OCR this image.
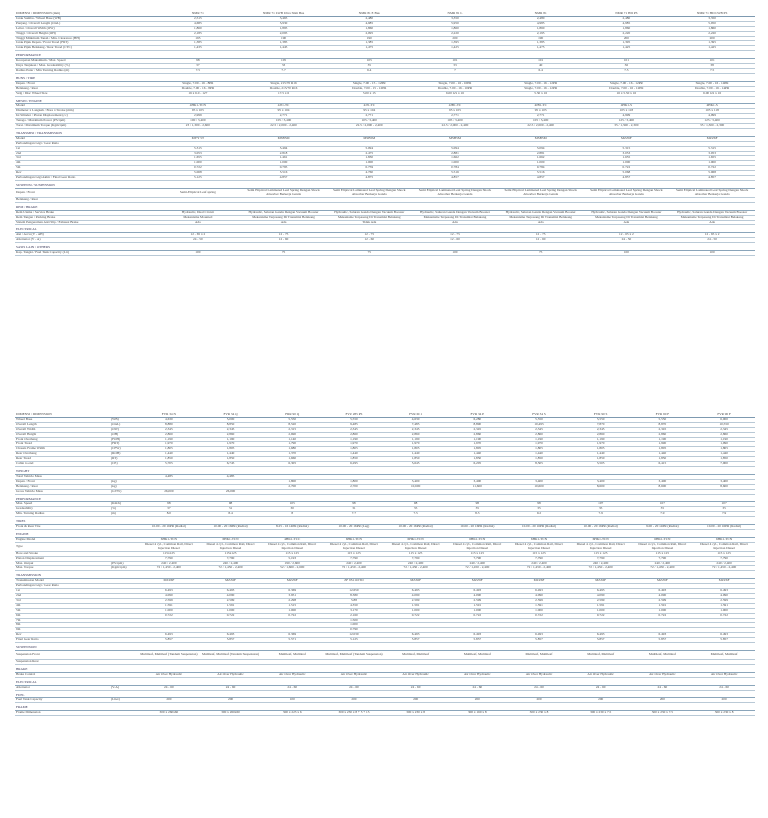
DIMENSI / DIMENSION (mm)	NMR 71	NMR 71 LWB Ultra Slim Bus	NMR 81 E Bus	NMR 81 L	NMR 81	NMR 71 HD PS	NMR 71 HD LWB PS
Jarak Sumbu / Wheel Base (WB)	2,515	3,465	2,480	3,350	2,480	2,480	3,350
Panjang / Overall Length (OAL)	4,685	5,930	4,985	5,950	4,985	4,985	5,950
Lebar / Overall Width (OW)	1,860	1,895	1,860	1,860	1,860	1,860	1,860
Tinggi / Overall Height (OH)	2,185	2,095	2,095	2,220	2,195	2,220	2,220
Tinggi Minimum Tanah / Min. Clearance (HH)	195	190	190	200	190	200	200
Jarak Pijak Depan / Front Tread (FRT)	1,385	1,385	1,385	1,395	1,385	1,395	1,395
Jarak Pijak Belakang / Rear Tread (CTC)	1,435	1,445	1,475	1,425	1,475	1,425	1,425

PERFORMANCE							
Kecepatan Maksimum / Max. Speed	98	105	105	101	101	101	101
Daya Tanjakan / Max. Gradeability (%)	37	33	35	33	40	36	38
Radius Putar / Min Turning Radius (m)	7.5	7.7	6.4	7	6.4	7.5	7.5

BUNS / TIRE							
Depan / Front	Single, 7.00 - 16 - 8PR	Single, 215/70 R16	Single, 7.00 - 15 - 12PR	Single, 7.00 - 16 - 10PR	Single, 7.00 - 16 - 12PR	Single, 7.00 - 16 - 12PR	Single, 7.00 - 16 - 14PR
Belakang / Rear	Double, 7.00 - 16 - 8PR	Double, 215/70 R16	Double, 7.00 - 15 - 12PR	Double, 7.00 - 16 - 10PR	Single, 7.00 - 16 - 12PR	Double, 7.00 - 16 - 12PR	Double, 7.00 - 16 - 14PR
Velg / Disc Wheel Size	16 x 6.0 - 127	17.5 x 6	5.00 x 15	6.00 GS x 16	5.50 x 16	16 x 5.50 x 16	6.00 GS x 16

MESIN / ENGINE							
Model	4HK1-TCN	4JJ1-TC	4JJ1-TC	4JB1-TC	4JB1-TC	4HK1-S	4HK1-S
Diameter x Langkah / Bore x Stroke (mm)	95 x 105	95 x 104	95 x 104	95 x 105	95 x 105	105 x 118	105 x 118
Isi Silinder / Piston Displacement (cc)	2,999	2,771	2,771	2,771	2,771	4,999	4,999
Tenaga / Maximum Power (PS/rpm)	100 / 3,400	105 / 3,400	105 / 3,400	105 / 3,400	105 / 3,400	125 / 3,400	125 / 3,400
Torsi / Maximum Torque (Kgm/rpm)	23 / 1,300 - 2,600	22.5 / 2,000 - 2,400	22.5 / 2,000 - 2,400	22.5 / 2,000 - 2,400	22.5 / 2,000 - 2,400	35 / 1,300 - 2,300	35 / 1,300 - 2,300

TRANSMISI / TRANSMISSION							
Model	MYY 5T	MSB5M	MSB5M	MSB5M	MSB5M	MZZ6F	MZZ6F
Perbandingan Gigi / Gear Ratio							
1st	5.315	5.494	5.094	5.094	5.094	5.315	5.315
2nd	3.053	2.818	2.475	2.881	2.881	3.053	3.053
3rd	1.655	1.461	1.830	1.662	1.662	1.655	1.655
4th	1.000	1.000	1.000	1.000	1.000	1.000	1.000
5th	0.722	0.795	0.759	0.784	0.784	0.722	0.722
Rev	5.068	5.516	4.760	5.516	5.516	5.068	5.068
Perbandingan Gigi Akhir / Final Gear Ratio	5.125	4.857	4.875	4.857	4.857	4.857	4.857

SUSPENSI / SUSPENSION							
Depan / Front	Semi-Eliptical Leaf spring	Semi Eliptical Laminated Leaf Spring Dengan Shock Absorber Berkerja Ganda	Semi Eliptical Laminated Leaf Spring Dengan Shock Absorber Berkerja Ganda	Semi Eliptical Laminated Leaf Spring Dengan Shock Absorber Berkerja Ganda	Semi Eliptical Laminated Leaf Spring Dengan Shock Absorber Berkerja Ganda	Semi Eliptical Laminated Leaf Spring Dengan Shock Absorber Berkerja Ganda	Semi Eliptical Laminated Leaf Spring Dengan Shock Absorber Berkerja Ganda
Belakang / Rear							

REM / BRAKE							
Rem Utama / Service Brake	Hydraulic, Dual Circuit	Hydraulic, Saluran Ganda Dengan Vacuum Booster	Hydraulic, Saluran Ganda Dengan Vacuum Booster	Hydraulic, Saluran Ganda Dengan Vacuum Booster	Hydraulic, Saluran Ganda Dengan Vacuum Booster	Hydraulic, Saluran Ganda Dengan Vacuum Booster	Hydraulic, Saluran Ganda Dengan Vacuum Booster
Rem Tangan / Parking Brake	Mekanisme Mounted	Mekanisme Terpasang Di Transmisi Belakang	Mekanisme Terpasang Di Transmisi Belakang	Mekanisme Terpasang Di Transmisi Belakang	Mekanisme Terpasang Di Transmisi Belakang	Mekanisme Terpasang Di Transmisi Belakang	Mekanisme Terpasang Di Transmisi Belakang
Sistem Pengereman Anti Slip / Exhaust Brake	Ada	Ada	Tidak Ada	Ada	Ada	Ada	Ada

ELECTRICAL							
Aki / Accu (V - AH)	12 - 65 x 2	12 - 75	12 - 75	12 - 75	12 - 75	12 - 65 x 2	12 - 65 x 2
Alternator (V - A)	24 - 50	12 - 60	12 - 60	12 - 60	12 - 60	24 - 50	24 - 50

SASIS LAIN / OTHERS							
Kap. Tangki / Fuel Tank Capacity (Ltr)	100	75	75	100	75	100	100
DIMENSI / DIMENSION		FVR 34 N	FVR 34 Q	FRR 90 Q	FVZ 285 PS	FVR M 1	FVR 34 P	FVR 34 S	FVR 90 S	FVR 90 F	FVR 90 F
Wheel Base	(WB)	4,630	5,000	5,550	5,550	4,630	6,280	5,550	5,550	5,550	6,000
Overall Length	(OAL)	8,880	8,850	8,520	9,485	7,485	8,890	10,495	7,870	8,870	10,550
Overall Width	(OW)	2,345	2,345	2,315	2,345	2,345	2,345	2,345	2,345	2,345	2,345
Overall Height	(OH)	2,860	2,860	2,690	2,860	2,860	2,860	2,860	2,860	2,860	2,860
Front Overhang	(FOH)	1,190	1,190	1,140	1,190	1,190	1,190	1,190	1,190	1,190	1,190
Front Tread	(FRT)	1,970	1,970	1,790	1,970	1,970	1,970	1,970	1,970	1,990	1,990
Chassis Frame Width	(CFW)	1,805	1,805	1,680	1,805	1,805	1,805	1,805	1,805	1,805	1,805
Rear Overhang	(ROH)	1,440	1,440	1,370	1,440	1,440	1,440	1,440	1,440	1,440	1,440
Rear Tread	(RT)	1,850	1,850	1,660	1,850	1,850	1,850	1,850	1,850	1,850	1,850
Cabin to end	(CE)	5,705	6,745	6,305	6,295	5,645	6,205	8,505	5,505	6,415	7,900

WEIGHT											
Total Vehicle Mass		4,485	4,485								
Depan / Front	(kg)			1,800	1,800	3,400	3,400	3,400	3,400	3,400	3,400
Belakang / Rear	(kg)			2,700	2,700	10,600	11,600	10,600	8,600	8,600	8,600
Gross Vehicle Mass	(GVW)	26,000	26,000								

PERFORMANCE											
Max. Speed	(Km/h)	98	98	105	98	98	98	98	107	107	107
Gradeability	(%)	37	31	30	31	35	35	35	35	35	35
Min. Turning Radius	(m)	8.0	8.4	8	7.7	7.5	8.3	9.2	7.9	7.9	7.9

TIRES											
Front & Rear Tire		10.00 - 20 16PR (Radial)	10.00 - 20 16PR (Radial)	8.25 - 16 14PR (Radial)	10.00 - 20 16PR (Lug)	10.00 - 20 16PR (Radial)	10.00 - 20 16PR (Radial)	10.00 - 20 16PR (Radial)	10.00 - 20 16PR (Radial)	9.00 - 20 14PR (Radial)	10.00 - 20 16PR (Radial)

ENGINE											
Engine Model		6HK1-TCN	6HK1-TCN	4HK1-TCC	6HK1-TCN	6HK1-TCN	6HK1-TCN	6HK1-TCN	6HK1-TCN	6HK1-TCN	6HK1-TCN
Type		Diesel 4 cyl., Common Rail, Direct Injection Diesel	Diesel 4 cyl., Common Rail, Direct Injection Diesel	Diesel 4 cyl., Common Rail, Direct Injection Diesel	Diesel 4 cyl., Common Rail, Direct Injection Diesel	Diesel 4 cyl., Common Rail, Direct Injection Diesel	Diesel 4 cyl., Common Rail, Direct Injection Diesel	Diesel 4 cyl., Common Rail, Direct Injection Diesel	Diesel 4 cyl., Common Rail, Direct Injection Diesel	Diesel 4 cyl., Common Rail, Direct Injection Diesel	Diesel 4 cyl., Common Rail, Direct Injection Diesel
Bore and Stroke		115x125	115x125	115 x 125	115 x 125	115 x 125	115 x 125	115 x 125	115 x 125	115 x 125	115 x 125
Piston Displacement		7,790	7,790	5,193	7,790	7,790	7,790	7,790	7,790	7,790	7,790
Max. Output	(PS/rpm)	240 / 2,400	240 / 2,400	190 / 2,600	240 / 2,400	240 / 2,400	240 / 2,400	240 / 2,400	240 / 2,400	240 / 2,400	240 / 2,400
Max. Torque	(Kgm/rpm)	72 / 1,450 - 2,400	72 / 1,450 - 2,400	52 / 1,600 - 2,600	72 / 1,450 - 2,400	72 / 1,450 - 2,400	72 / 1,450 - 2,400	72 / 1,450 - 2,400	72 / 1,450 - 2,400	72 / 1,450 - 2,400	72 / 1,450 - 2,400

TRANSMISSION											
Transmission Model		MZZ6F	MZZ6F	MZZ6F	ZF 9S1110TO	MZZ6F	MZZ6F	MZZ6F	MZZ6F	MZZ6F	MZZ6F
Perbandingan Gigi / Gear Ratio											
1st		6.493	6.493	6.369	12.650	6.493	6.493	6.493	6.493	6.493	6.493
2nd		4.090	4.090	3.951	8.380	4.090	4.090	4.090	4.090	4.090	4.090
3rd		2.599	2.599	2.298	5.88	2.599	2.599	2.599	2.599	2.599	2.599
4th		1.591	1.591	1.515	4.350	1.591	1.591	1.591	1.591	1.591	1.591
5th		1.000	1.000	1.000	3.170	1.000	1.000	1.000	1.000	1.000	1.000
6th		0.722	0.722	0.722	2.160	0.722	0.722	0.722	0.722	0.722	0.722
7th					1.500						
8th					1.000						
9th					0.790						
Rev		6.493	6.493	6.369	12.030	6.493	6.493	6.493	6.493	6.493	6.493
Final Gear Ratio		5.857	5.857	5.571	5.125	5.857	5.857	5.857	5.857	5.857	5.857

SUSPENSION											
Suspension Front		Multileaf, Multileaf (Tandem Suspension)	Multileaf, Multileaf (Tandem Suspension)	Multileaf, Multileaf	Multileaf, Multileaf (Tandem Suspension)	Multileaf, Multileaf	Multileaf, Multileaf	Multileaf, Multileaf	Multileaf, Multileaf	Multileaf, Multileaf	Multileaf, Multileaf
Suspension Rear											

BRAKE											
Brake Control		Air Over Hydraulic	Air Over Hydraulic	Air Over Hydraulic	Air Over Hydraulic	Air Over Hydraulic	Air Over Hydraulic	Air Over Hydraulic	Air Over Hydraulic	Air Over Hydraulic	Air Over Hydraulic

ELECTRICAL											
Alternator	(V-A)	24 - 60	24 - 60	24 - 60	24 - 60	24 - 60	24 - 60	24 - 60	24 - 60	24 - 60	24 - 60

FUEL											
Fuel Tank Capacity	(Liter)	200	200	100	200	200	200	200	200	200	200

FRAME											
Frame Dimension		300 x 260x60	300 x 260x60	300 x 223 x 6	300 x 230 x 8 + 5 + 15	300 x 230 x 8	300 x 160 x 8	300 x 230 x 8	300 x 230 x 7.5	300 x 230 x 7.5	300 x 230 x 8
